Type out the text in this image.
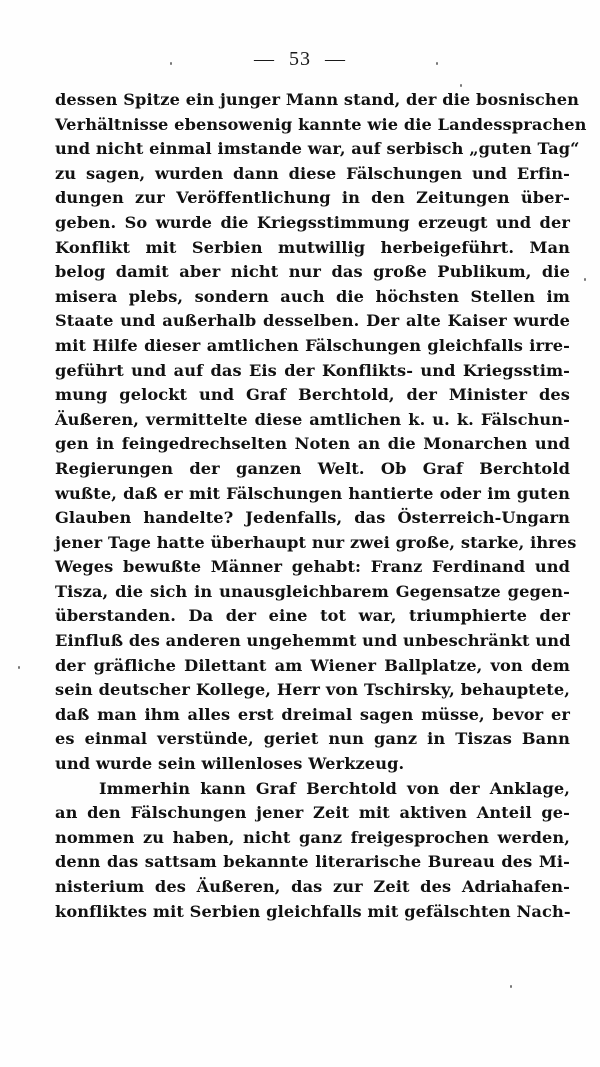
— 53 —
dessen Spitze ein junger Mann stand, der die bosnischen
Verhältnisse ebensowenig kannte wie die Landessprachen
und nicht einmal imstande war, auf serbisch „guten Tag“
zu sagen, wurden dann diese Fälschungen und Erfin-
dungen zur Veröffentlichung in den Zeitungen über-
geben. So wurde die Kriegsstimmung erzeugt und der
Konflikt mit Serbien mutwillig herbeigeführt. Man
belog damit aber nicht nur das große Publikum, die
misera plebs, sondern auch die höchsten Stellen im
Staate und außerhalb desselben. Der alte Kaiser wurde
mit Hilfe dieser amtlichen Fälschungen gleichfalls irre-
geführt und auf das Eis der Konflikts- und Kriegsstim-
mung gelockt und Graf Berchtold, der Minister des
Äußeren, vermittelte diese amtlichen k. u. k. Fälschun-
gen in feingedrechselten Noten an die Monarchen und
Regierungen der ganzen Welt. Ob Graf Berchtold
wußte, daß er mit Fälschungen hantierte oder im guten
Glauben handelte? Jedenfalls, das Österreich-Ungarn
jener Tage hatte überhaupt nur zwei große, starke, ihres
Weges bewußte Männer gehabt: Franz Ferdinand und
Tisza, die sich in unausgleichbarem Gegensatze gegen-
überstanden. Da der eine tot war, triumphierte der
Einfluß des anderen ungehemmt und unbeschränkt und
der gräfliche Dilettant am Wiener Ballplatze, von dem
sein deutscher Kollege, Herr von Tschirsky, behauptete,
daß man ihm alles erst dreimal sagen müsse, bevor er
es einmal verstünde, geriet nun ganz in Tiszas Bann
und wurde sein willenloses Werkzeug.
Immerhin kann Graf Berchtold von der Anklage,
an den Fälschungen jener Zeit mit aktiven Anteil ge-
nommen zu haben, nicht ganz freigesprochen werden,
denn das sattsam bekannte literarische Bureau des Mi-
nisterium des Äußeren, das zur Zeit des Adriahafen-
konfliktes mit Serbien gleichfalls mit gefälschten Nach-
